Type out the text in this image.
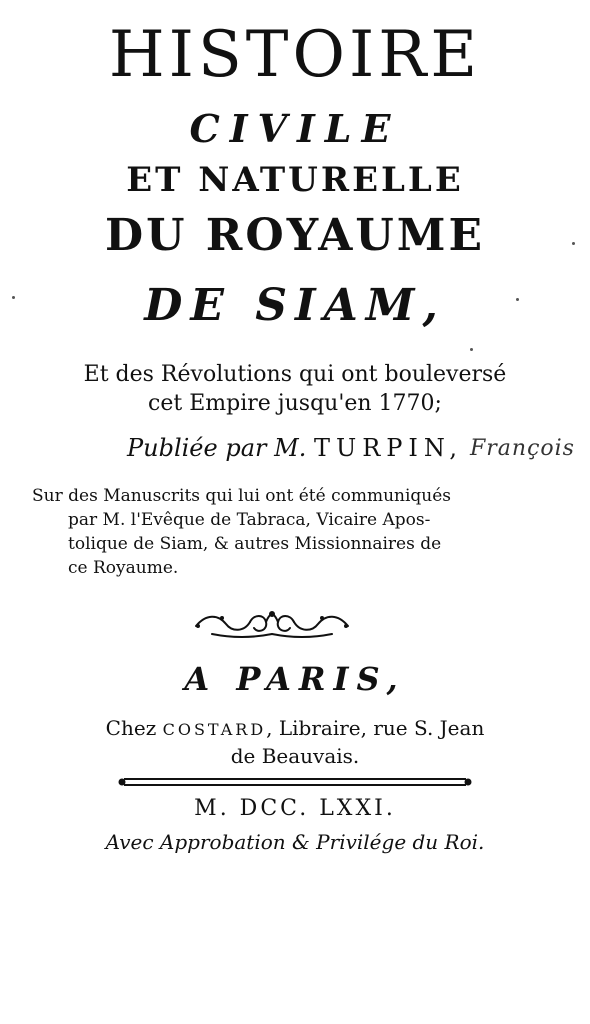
HISTOIRE
CIVILE
ET NATURELLE
DU ROYAUME
DE SIAM,
Et des Révolutions qui ont bouleversé
cet Empire jusqu'en 1770;
Publiée par M. TURPIN, François
Sur des Manuscrits qui lui ont été communiqués
par M. l'Evêque de Tabraca, Vicaire Apos-
tolique de Siam, & autres Missionnaires de
ce Royaume.
A PARIS,
Chez COSTARD, Libraire, rue S. Jean
de Beauvais.
M. DCC. LXXI.
Avec Approbation & Privilége du Roi.
